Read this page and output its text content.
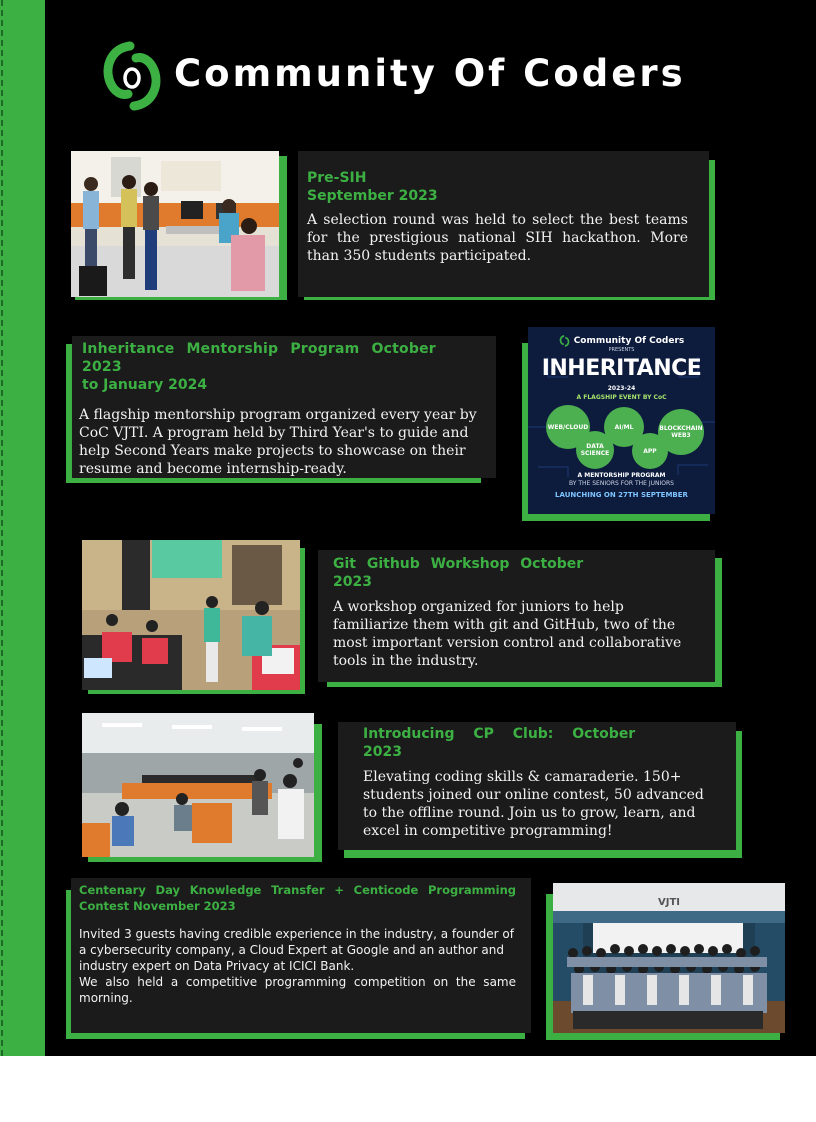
Community Of Coders
Pre-SIH
September 2023
A selection round was held to select the best teams for the prestigious national SIH hackathon. More than 350 students participated.
Inheritance Mentorship Program October 2023
to January 2024
A flagship mentorship program organized every year by CoC VJTI. A program held by Third Year's to guide and help Second Years make projects to showcase on their resume and become internship-ready.
Community Of Coders
PRESENTS
INHERITANCE
2023-24
A FLAGSHIP EVENT BY CoC
WEB/CLOUD	AI/ML	BLOCKCHAIN WEB3
DATA SCIENCE	APP
A MENTORSHIP PROGRAM
BY THE SENIORS FOR THE JUNIORS
LAUNCHING ON 27TH SEPTEMBER
Git Github Workshop October
2023
A workshop organized for juniors to help familiarize them with git and GitHub, two of the most important version control and collaborative tools in the industry.
Introducing CP Club: October
2023
Elevating coding skills & camaraderie. 150+ students joined our online contest, 50 advanced to the offline round. Join us to grow, learn, and excel in competitive programming!
Centenary Day Knowledge Transfer + Centicode Programming Contest November 2023
Invited 3 guests having credible experience in the industry, a founder of a cybersecurity company, a Cloud Expert at Google and an author and industry expert on Data Privacy at ICICI Bank.
We also held a competitive programming competition on the same morning.
VJTI
